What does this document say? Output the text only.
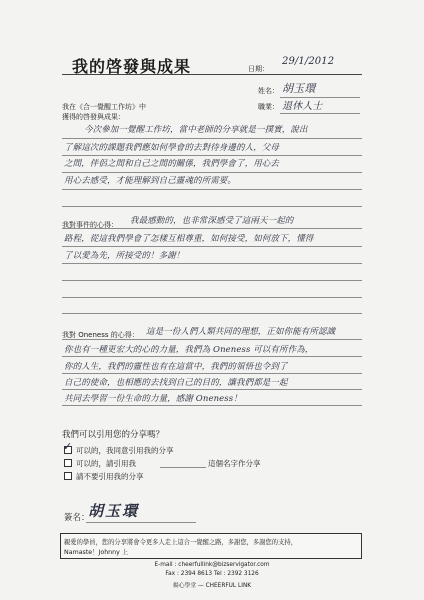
我的啓發與成果	日期：
29/1/2012
姓名： 胡玉環
職業： 退休人士
我在《合一覺醒工作坊》中
獲得的啓發與成果：
今次參加一覺醒工作坊，當中老師的分享就是一撲實，說出
了解這次的課題我們應如何學會的去對待身邊的人，父母
之間，伴侶之間和自己之間的關係，我們學會了，用心去
用心去感受，才能理解到自己靈魂的所需要。
我對事件的心得： 我最感動的，也非常深感受了這兩天一起的
路程，從這我們學會了怎樣互相尊重，如何接受，如何放下，懂得
了以愛為先，所接受的！多謝！
我對 Oneness 的心得： 這是一份人們人類共同的理想，正如你能有所認識
你也有一種更宏大的心的力量，我們為 Oneness 可以有所作為，
你的人生，我們的靈性也有在這當中，我們的領悟也令到了
自己的使命，也相應的去找到自己的目的，讓我們都是一起
共同去學習一份生命的力量，感謝 Oneness！
我們可以引用您的分享嗎？
✓ 可以的，我同意引用我的分享
可以的，請引用我	這個名字作分享
請不要引用我的分享
簽名：
胡玉環
親愛的學員，您的分享將會令更多人走上這合一覺醒之路，多謝您，多謝您的支持，
Namaste！Johnny 上
E-mail : cheerfullink@bizservigator.com
Fax : 2394 8613 Tel : 2392 3126
揚心學堂 — CHEERFUL LINK
